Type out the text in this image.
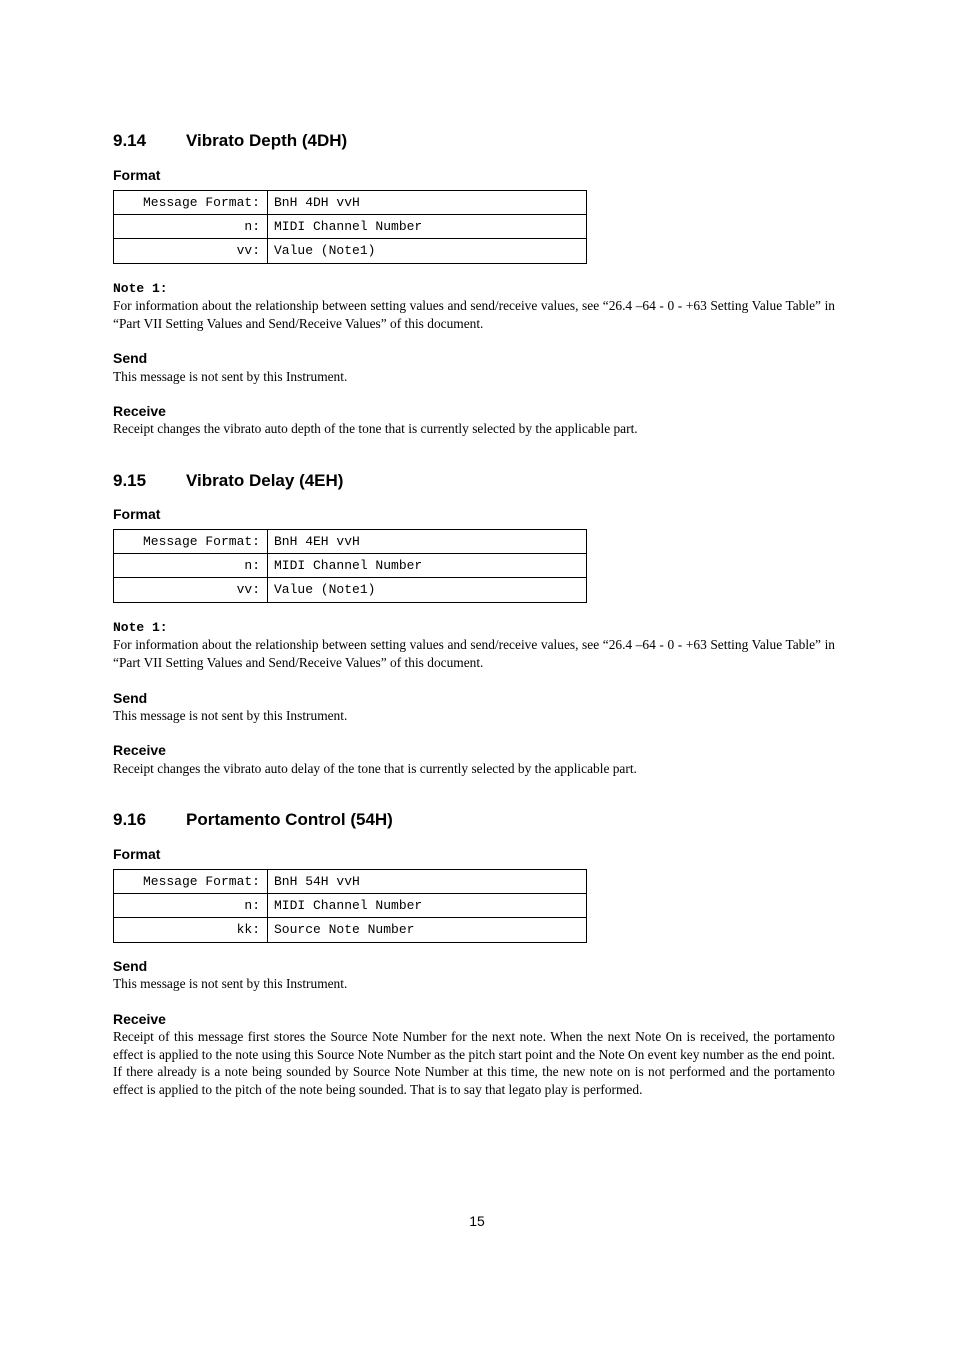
9.14 Vibrato Depth (4DH)
Format
Message Format:	BnH 4DH vvH
n:	MIDI Channel Number
vv:	Value (Note1)
Note 1:
For information about the relationship between setting values and send/receive values, see “26.4 –64 - 0 - +63 Setting Value Table” in “Part VII Setting Values and Send/Receive Values” of this document.
Send
This message is not sent by this Instrument.
Receive
Receipt changes the vibrato auto depth of the tone that is currently selected by the applicable part.
9.15 Vibrato Delay (4EH)
Format
Message Format:	BnH 4EH vvH
n:	MIDI Channel Number
vv:	Value (Note1)
Note 1:
For information about the relationship between setting values and send/receive values, see “26.4 –64 - 0 - +63 Setting Value Table” in “Part VII Setting Values and Send/Receive Values” of this document.
Send
This message is not sent by this Instrument.
Receive
Receipt changes the vibrato auto delay of the tone that is currently selected by the applicable part.
9.16 Portamento Control (54H)
Format
Message Format:	BnH 54H vvH
n:	MIDI Channel Number
kk:	Source Note Number
Send
This message is not sent by this Instrument.
Receive
Receipt of this message first stores the Source Note Number for the next note. When the next Note On is received, the portamento effect is applied to the note using this Source Note Number as the pitch start point and the Note On event key number as the end point. If there already is a note being sounded by Source Note Number at this time, the new note on is not performed and the portamento effect is applied to the pitch of the note being sounded. That is to say that legato play is performed.
15
